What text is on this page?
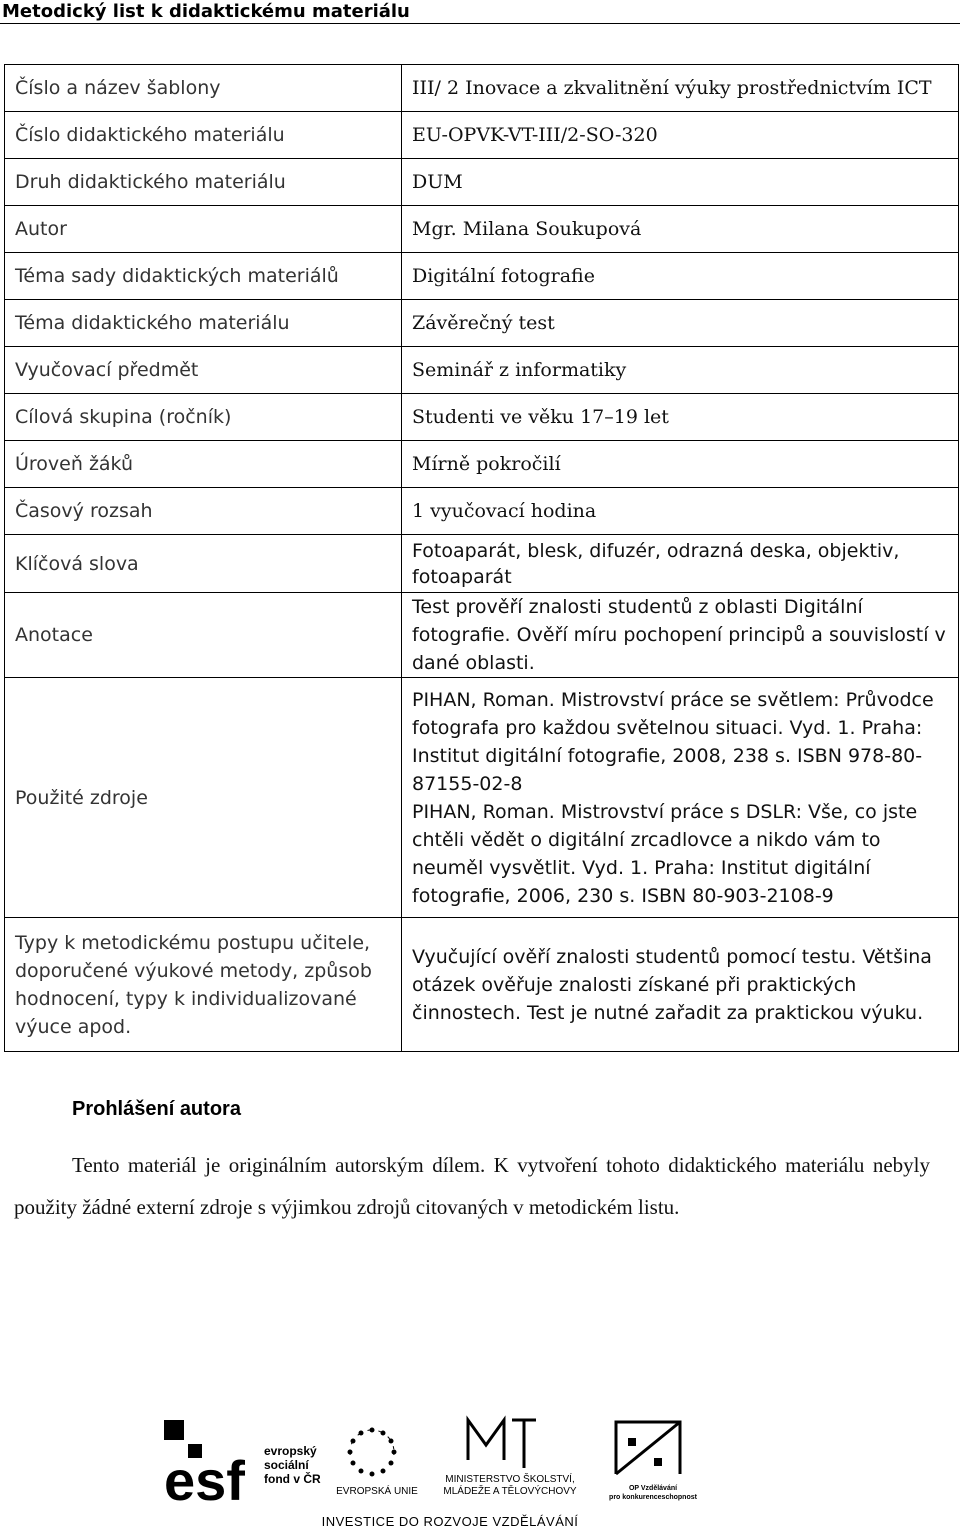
Metodický list k didaktickému materiálu
Číslo a název šablony	III/ 2 Inovace a zkvalitnění výuky prostřednictvím ICT
Číslo didaktického materiálu	EU-OPVK-VT-III/2-SO-320
Druh didaktického materiálu	DUM
Autor	Mgr. Milana Soukupová
Téma sady didaktických materiálů	Digitální fotografie
Téma didaktického materiálu	Závěrečný test
Vyučovací předmět	Seminář z informatiky
Cílová skupina (ročník)	Studenti ve věku 17–19 let
Úroveň žáků	Mírně pokročilí
Časový rozsah	1 vyučovací hodina
Klíčová slova	Fotoaparát, blesk, difuzér, odrazná deska, objektiv, fotoaparát
Anotace	Test prověří znalosti studentů z oblasti Digitální fotografie. Ověří míru pochopení principů a souvislostí v dané oblasti.
Použité zdroje	PIHAN, Roman. Mistrovství práce se světlem: Průvodce fotografa pro každou světelnou situaci. Vyd. 1. Praha: Institut digitální fotografie, 2008, 238 s. ISBN 978-80-87155-02-8
PIHAN, Roman. Mistrovství práce s DSLR: Vše, co jste chtěli vědět o digitální zrcadlovce a nikdo vám to neuměl vysvětlit. Vyd. 1. Praha: Institut digitální fotografie, 2006, 230 s. ISBN 80-903-2108-9

Typy k metodickému postupu učitele, doporučené výukové metody, způsob hodnocení, typy k individualizované výuce apod.	Vyučující ověří znalosti studentů pomocí testu. Většina otázek ověřuje znalosti získané při praktických činnostech. Test je nutné zařadit za praktickou výuku.
Prohlášení autora
Tento materiál je originálním autorským dílem. K vytvoření tohoto didaktického materiálu nebyly použity žádné externí zdroje s výjimkou zdrojů citovaných v metodickém listu.
esf evropský
sociální
fond v ČR
EVROPSKÁ UNIE
MINISTERSTVO ŠKOLSTVÍ,
MLÁDEŽE A TĚLOVÝCHOVY	OP Vzdělávání
pro konkurenceschopnost
INVESTICE DO ROZVOJE VZDĚLÁVÁNÍ
